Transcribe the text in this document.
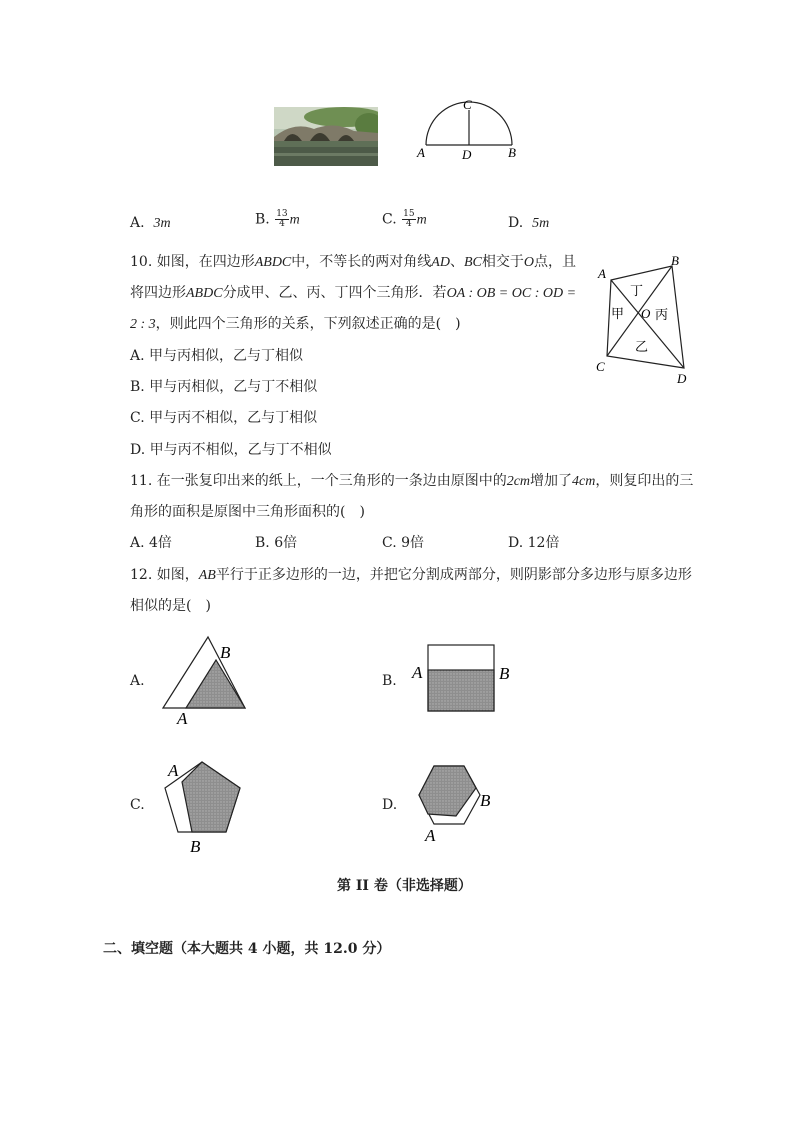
C
A	D	B
A. 3m	B. $\frac{13}{4}$ m	C. $\frac{15}{4}$ m	D. 5m
10. 如图，在四边形ABDC中，不等长的两对角线AD、BC相交于O点，且
将四边形ABDC分成甲、乙、丙、丁四个三角形．若OA : OB = OC : OD =
2 : 3，则此四个三角形的关系，下列叙述正确的是(　)
A. 甲与丙相似，乙与丁相似
B. 甲与丙相似，乙与丁不相似
C. 甲与丙不相似，乙与丁相似
D. 甲与丙不相似，乙与丁不相似
A
B
C
D
O
丁
甲 丙
乙
11. 在一张复印出来的纸上，一个三角形的一条边由原图中的2cm增加了4cm，则复印出的三
角形的面积是原图中三角形面积的(　)
A. 4倍	B. 6倍	C. 9倍	D. 12倍
12. 如图，AB平行于正多边形的一边，并把它分割成两部分，则阴影部分多边形与原多边形
相似的是(　)
A.
B
A
B. A	B
C.
A
B
D.	B
A
第 II 卷（非选择题）
二、填空题（本大题共 4 小题，共 12.0 分）
